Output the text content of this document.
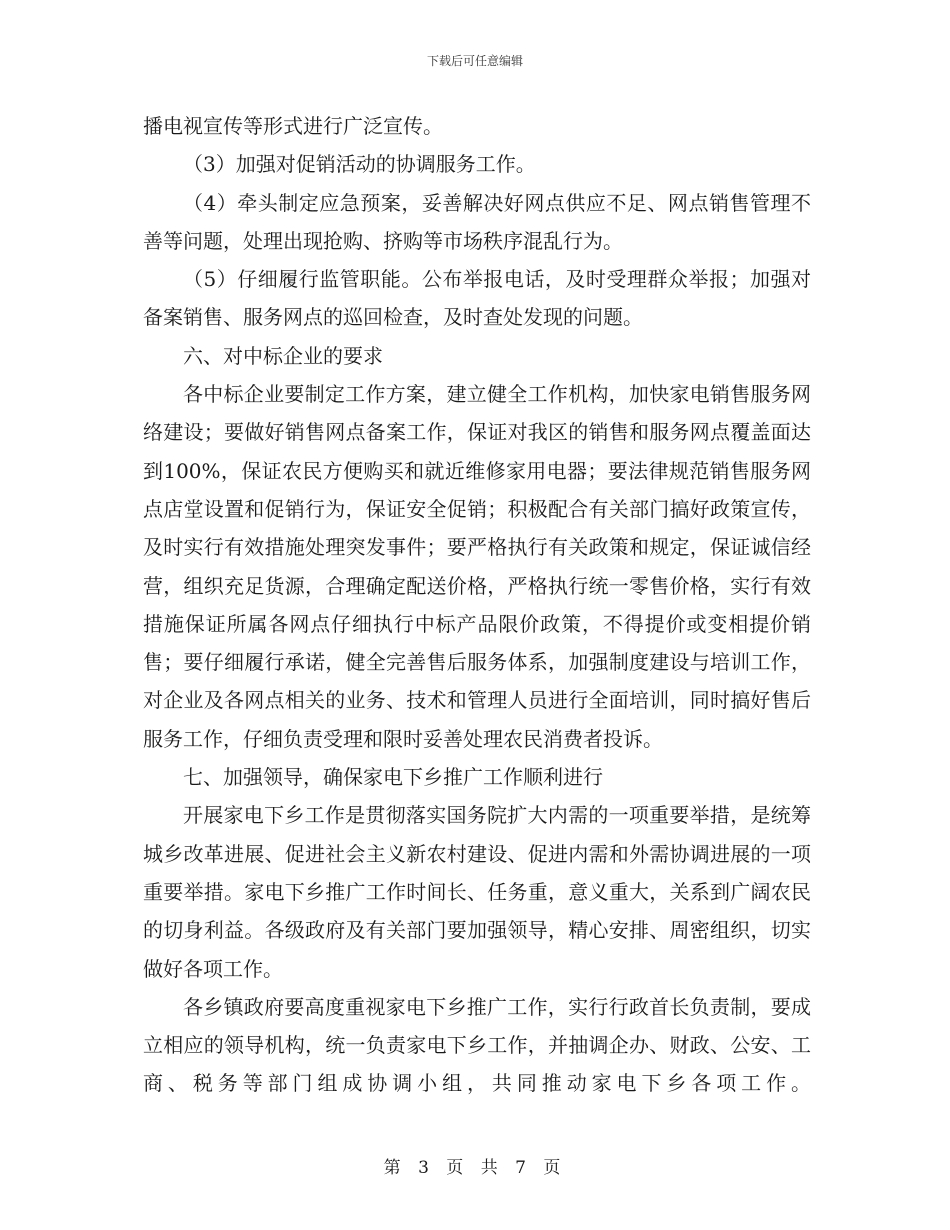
下载后可任意编辑

播电视宣传等形式进行广泛宣传。

（3）加强对促销活动的协调服务工作。

（4）牵头制定应急预案，妥善解决好网点供应不足、网点销售管理不善等问题，处理出现抢购、挤购等市场秩序混乱行为。

（5）仔细履行监管职能。公布举报电话，及时受理群众举报；加强对备案销售、服务网点的巡回检查，及时查处发现的问题。

六、对中标企业的要求

各中标企业要制定工作方案，建立健全工作机构，加快家电销售服务网络建设；要做好销售网点备案工作，保证对我区的销售和服务网点覆盖面达到100%，保证农民方便购买和就近维修家用电器；要法律规范销售服务网点店堂设置和促销行为，保证安全促销；积极配合有关部门搞好政策宣传，及时实行有效措施处理突发事件；要严格执行有关政策和规定，保证诚信经营，组织充足货源，合理确定配送价格，严格执行统一零售价格，实行有效措施保证所属各网点仔细执行中标产品限价政策，不得提价或变相提价销售；要仔细履行承诺，健全完善售后服务体系，加强制度建设与培训工作，对企业及各网点相关的业务、技术和管理人员进行全面培训，同时搞好售后服务工作，仔细负责受理和限时妥善处理农民消费者投诉。

七、加强领导，确保家电下乡推广工作顺利进行

开展家电下乡工作是贯彻落实国务院扩大内需的一项重要举措，是统筹城乡改革进展、促进社会主义新农村建设、促进内需和外需协调进展的一项重要举措。家电下乡推广工作时间长、任务重，意义重大，关系到广阔农民的切身利益。各级政府及有关部门要加强领导，精心安排、周密组织，切实做好各项工作。

各乡镇政府要高度重视家电下乡推广工作，实行行政首长负责制，要成立相应的领导机构，统一负责家电下乡工作，并抽调企办、财政、公安、工商、税务等部门组成协调小组，共同推动家电下乡各项工作。

第 3 页 共 7 页
